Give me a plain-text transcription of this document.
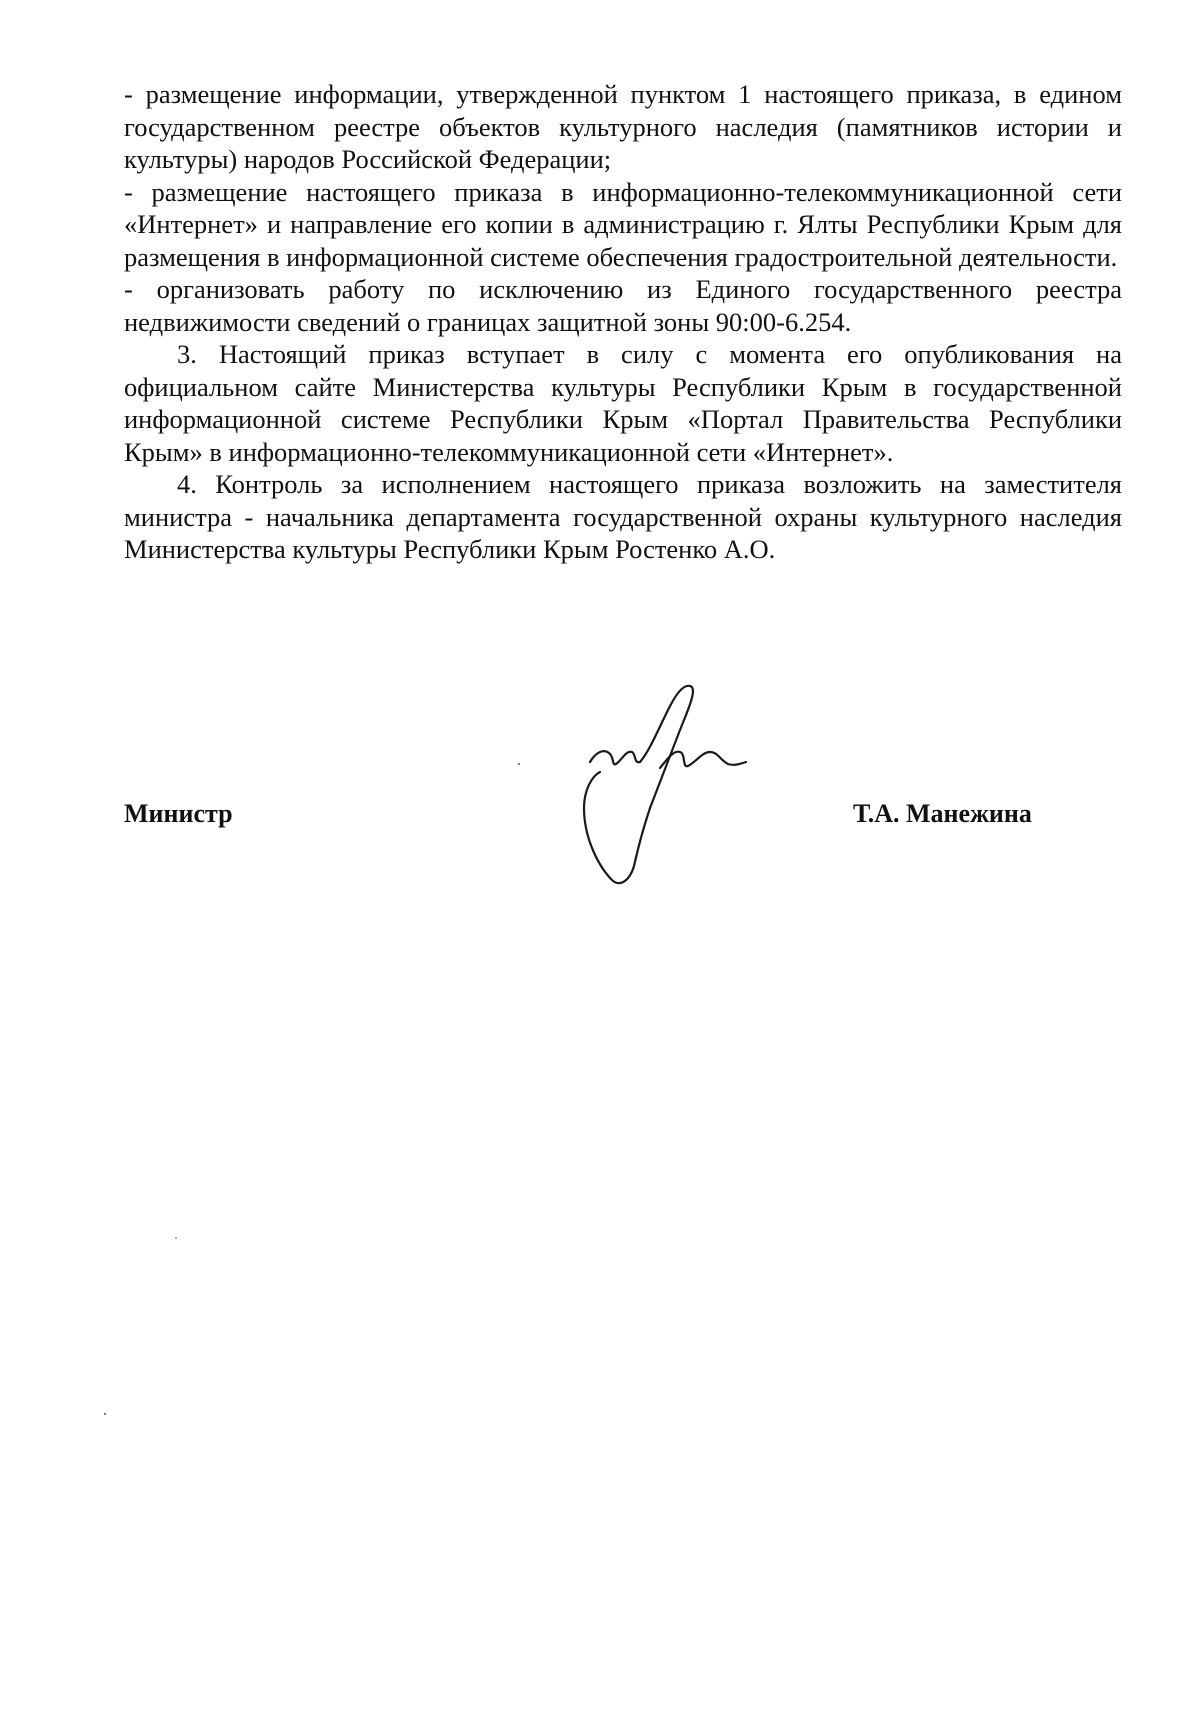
- размещение информации, утвержденной пунктом 1 настоящего приказа, в едином государственном реестре объектов культурного наследия (памятников истории и культуры) народов Российской Федерации;

- размещение настоящего приказа в информационно-телекоммуникационной сети «Интернет» и направление его копии в администрацию г. Ялты Республики Крым для размещения в информационной системе обеспечения градостроительной деятельности.

- организовать работу по исключению из Единого государственного реестра недвижимости сведений о границах защитной зоны 90:00-6.254.

3. Настоящий приказ вступает в силу с момента его опубликования на официальном сайте Министерства культуры Республики Крым в государственной информационной системе Республики Крым «Портал Правительства Республики Крым» в информационно-телекоммуникационной сети «Интернет».

4. Контроль за исполнением настоящего приказа возложить на заместителя министра - начальника департамента государственной охраны культурного наследия Министерства культуры Республики Крым Ростенко А.О.

Министр	Т.А. Манежина
